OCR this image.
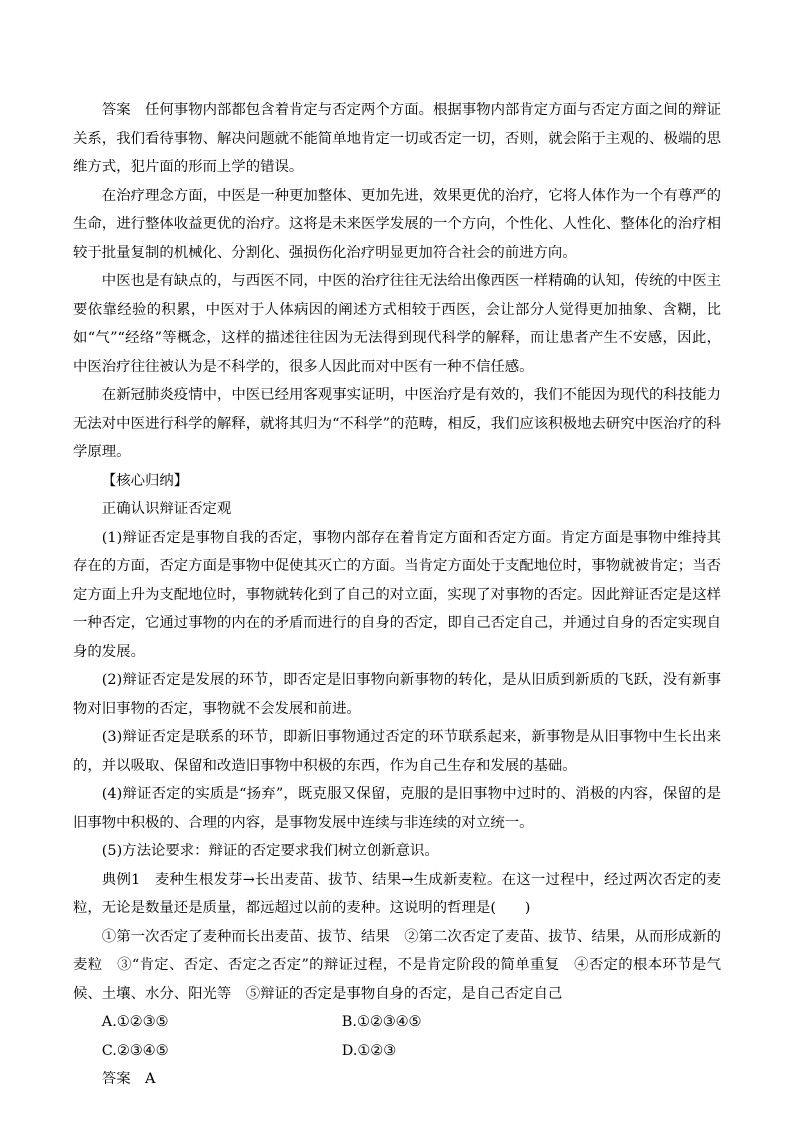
答案 任何事物内部都包含着肯定与否定两个方面。根据事物内部肯定方面与否定方面之间的辩证关系，我们看待事物、解决问题就不能简单地肯定一切或否定一切，否则，就会陷于主观的、极端的思维方式，犯片面的形而上学的错误。

在治疗理念方面，中医是一种更加整体、更加先进，效果更优的治疗，它将人体作为一个有尊严的生命，进行整体收益更优的治疗。这将是未来医学发展的一个方向，个性化、人性化、整体化的治疗相较于批量复制的机械化、分割化、强损伤化治疗明显更加符合社会的前进方向。

中医也是有缺点的，与西医不同，中医的治疗往往无法给出像西医一样精确的认知，传统的中医主要依靠经验的积累，中医对于人体病因的阐述方式相较于西医，会让部分人觉得更加抽象、含糊，比如“气”“经络”等概念，这样的描述往往因为无法得到现代科学的解释，而让患者产生不安感，因此，中医治疗往往被认为是不科学的，很多人因此而对中医有一种不信任感。

在新冠肺炎疫情中，中医已经用客观事实证明，中医治疗是有效的，我们不能因为现代的科技能力无法对中医进行科学的解释，就将其归为“不科学”的范畴，相反，我们应该积极地去研究中医治疗的科学原理。

【核心归纳】

正确认识辩证否定观

(1)辩证否定是事物自我的否定，事物内部存在着肯定方面和否定方面。肯定方面是事物中维持其存在的方面，否定方面是事物中促使其灭亡的方面。当肯定方面处于支配地位时，事物就被肯定；当否定方面上升为支配地位时，事物就转化到了自己的对立面，实现了对事物的否定。因此辩证否定是这样一种否定，它通过事物的内在的矛盾而进行的自身的否定，即自己否定自己，并通过自身的否定实现自身的发展。

(2)辩证否定是发展的环节，即否定是旧事物向新事物的转化，是从旧质到新质的飞跃，没有新事物对旧事物的否定，事物就不会发展和前进。

(3)辩证否定是联系的环节，即新旧事物通过否定的环节联系起来，新事物是从旧事物中生长出来的，并以吸取、保留和改造旧事物中积极的东西，作为自己生存和发展的基础。

(4)辩证否定的实质是“扬弃”，既克服又保留，克服的是旧事物中过时的、消极的内容，保留的是旧事物中积极的、合理的内容，是事物发展中连续与非连续的对立统一。

(5)方法论要求：辩证的否定要求我们树立创新意识。

典例1 麦种生根发芽→长出麦苗、拔节、结果→生成新麦粒。在这一过程中，经过两次否定的麦粒，无论是数量还是质量，都远超过以前的麦种。这说明的哲理是(　　)

①第一次否定了麦种而长出麦苗、拔节、结果　②第二次否定了麦苗、拔节、结果，从而形成新的麦粒　③“肯定、否定、否定之否定”的辩证过程，不是肯定阶段的简单重复　④否定的根本环节是气候、土壤、水分、阳光等　⑤辩证的否定是事物自身的否定，是自己否定自己

A.①②③⑤	B.①②③④⑤
C.②③④⑤	D.①②③

答案 A
